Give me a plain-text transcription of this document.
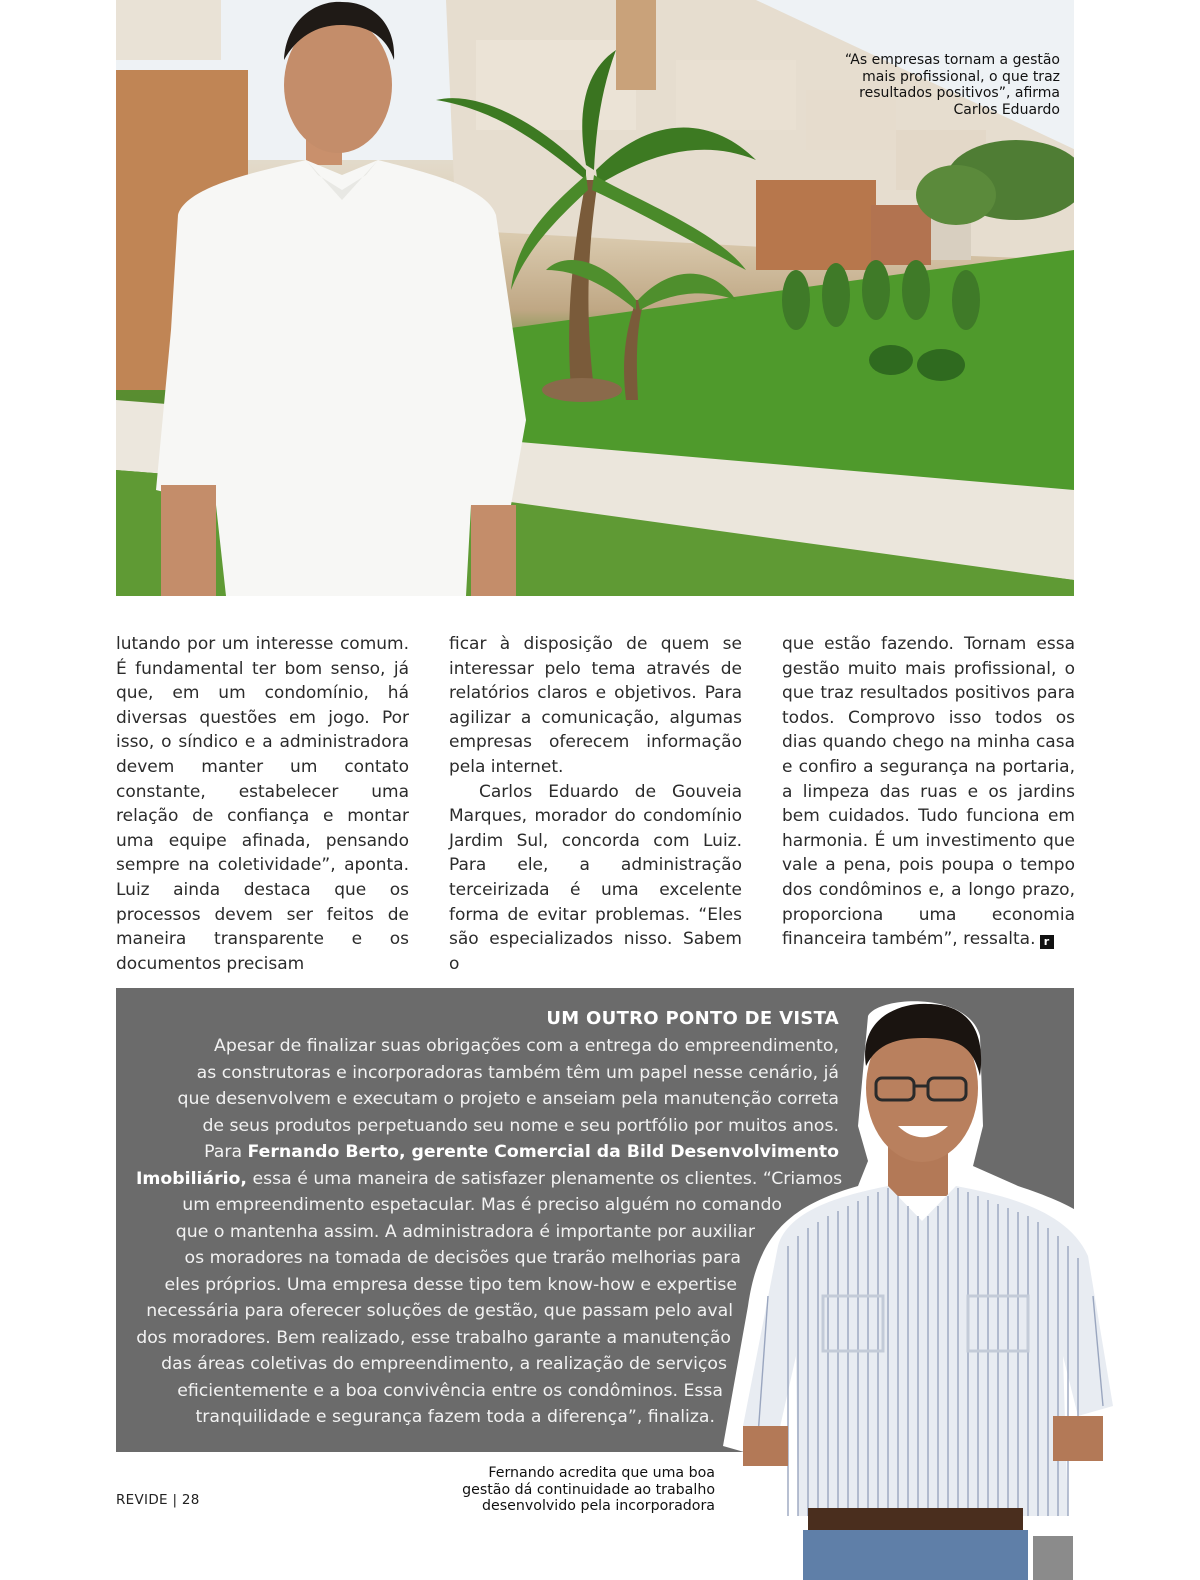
“As empresas tornam a gestão
mais profissional, o que traz
resultados positivos”, afirma
Carlos Eduardo

lutando por um interesse comum. É fundamental ter bom senso, já que, em um condomínio, há diversas questões em jogo. Por isso, o síndico e a administradora devem manter um contato constante, estabelecer uma relação de confiança e montar uma equipe afinada, pensando sempre na coletividade”, aponta. Luiz ainda destaca que os processos devem ser feitos de maneira transparente e os documentos precisam

ficar à disposição de quem se interessar pelo tema através de relatórios claros e objetivos. Para agilizar a comunicação, algumas empresas oferecem informação pela internet.

Carlos Eduardo de Gouveia Marques, morador do condomínio Jardim Sul, concorda com Luiz. Para ele, a administração terceirizada é uma excelente forma de evitar problemas. “Eles são especializados nisso. Sabem o

que estão fazendo. Tornam essa gestão muito mais profissional, o que traz resultados positivos para todos. Comprovo isso todos os dias quando chego na minha casa e confiro a segurança na portaria, a limpeza das ruas e os jardins bem cuidados. Tudo funciona em harmonia. É um investimento que vale a pena, pois poupa o tempo dos condôminos e, a longo prazo, proporciona uma economia financeira também”, ressalta. r

UM OUTRO PONTO DE VISTA
Apesar de finalizar suas obrigações com a entrega do empreendimento,
as construtoras e incorporadoras também têm um papel nesse cenário, já
que desenvolvem e executam o projeto e anseiam pela manutenção correta
de seus produtos perpetuando seu nome e seu portfólio por muitos anos.
Para Fernando Berto, gerente Comercial da Bild Desenvolvimento
Imobiliário, essa é uma maneira de satisfazer plenamente os clientes. “Criamos
um empreendimento espetacular. Mas é preciso alguém no comando
que o mantenha assim. A administradora é importante por auxiliar
os moradores na tomada de decisões que trarão melhorias para
eles próprios. Uma empresa desse tipo tem know-how e expertise
necessária para oferecer soluções de gestão, que passam pelo aval
dos moradores. Bem realizado, esse trabalho garante a manutenção
das áreas coletivas do empreendimento, a realização de serviços
eficientemente e a boa convivência entre os condôminos. Essa
tranquilidade e segurança fazem toda a diferença”, finaliza.
Fernando acredita que uma boa
gestão dá continuidade ao trabalho
desenvolvido pela incorporadora
REVIDE | 28
